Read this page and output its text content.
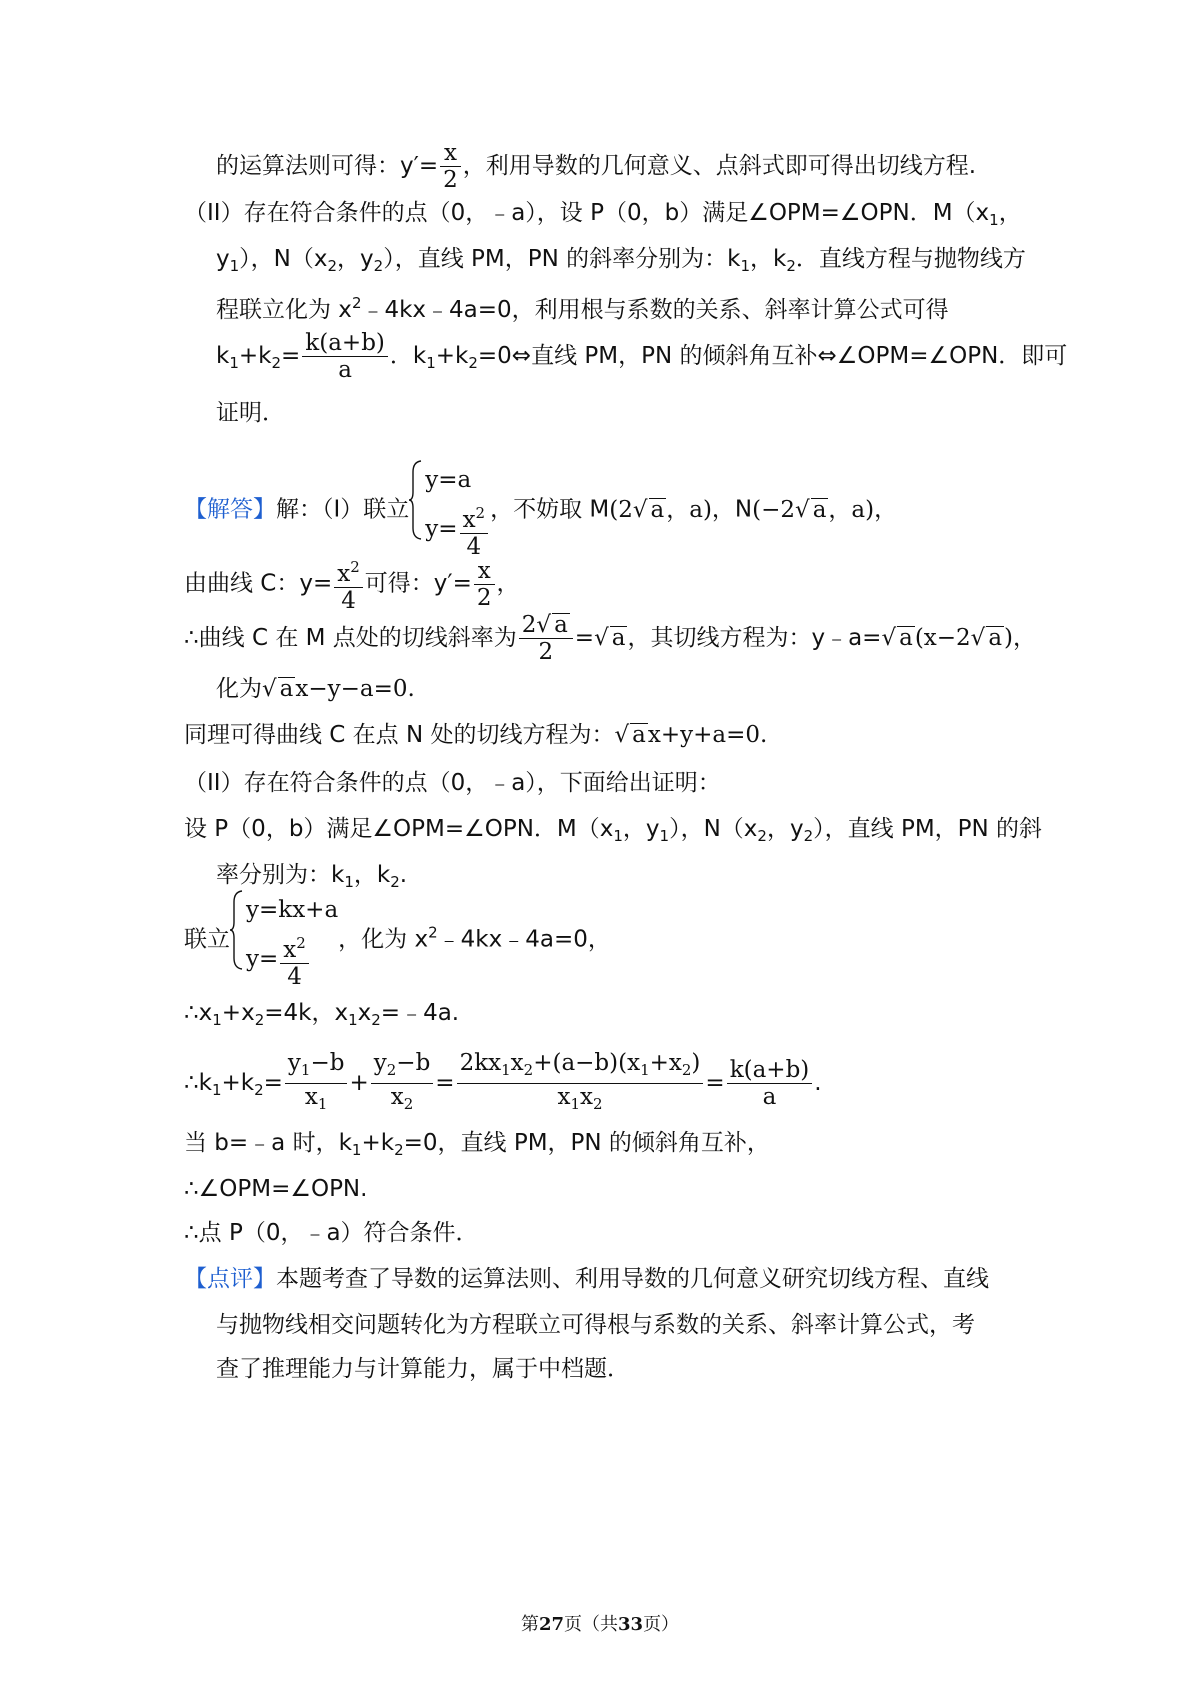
的运算法则可得：$y'= \frac{x}{2}$ ，利用导数的几何意义、点斜式即可得出切线方程.
（II）存在符合条件的点（0，﹣a），设 P（0，b）满足∠OPM=∠OPN．$M(x_1$，
$y_1$），$N(x_2$，$y_2$），直线 PM，PN 的斜率分别为：$k_1$，$k_2$．直线方程与抛物线方
程联立化为 $x^2﹣4kx﹣4a=0$，利用根与系数的关系、斜率计算公式可得
$k_1+k_2= \frac{k(a+b)}{a}$ ．$k_1+k_2=0\Leftrightarrow$直线 PM，PN 的倾斜角互补⇔∠OPM=∠OPN．即可
证明．
【解答】解：（I）联立
y=a
$y= \frac{x^2}{4}$ ，不妨取 M(2√ a，a)，N(−2√ a，a)，
由曲线 C：$y= \frac{x^2}{4}$ 可得：$y'= \frac{x}{2}$ ，
∴曲线 C 在 M 点处的切线斜率为 $\frac{2√ a}{2}$ =√ a，其切线方程为：y﹣a=√ a(x−2√ a)，
化为√ ax−y−a=0.
同理可得曲线 C 在点 N 处的切线方程为：√ ax+y+a=0.
（II）存在符合条件的点（0，﹣a），下面给出证明：
设 P（0，b）满足∠OPM=∠OPN．$M(x_1$，$y_1$），$N(x_2$，$y_2$），直线 PM，PN 的斜
率分别为：$k_1$，$k_2$.
联立
y=kx+a
$y= \frac{x^2}{4}$ ，化为 $x^2﹣4kx﹣4a=0$，
$\therefore x_1+x_2=4k$，$x_1x_2=﹣4a$.
$\therefore k_1+k_2= \frac{y_1-b}{x_1} + \frac{y_2-b}{x_2} = \frac{2kx_1x_2+(a-b)(x_1+x_2)}{x_1x_2} = \frac{k(a+b)}{a}$ .
当 b=﹣a 时，$k_1+k_2=0$，直线 PM，PN 的倾斜角互补，
∴∠OPM=∠OPN.
∴点 P（0，﹣a）符合条件．
【点评】本题考查了导数的运算法则、利用导数的几何意义研究切线方程、直线
与抛物线相交问题转化为方程联立可得根与系数的关系、斜率计算公式，考
查了推理能力与计算能力，属于中档题．
第27页（共33页）
